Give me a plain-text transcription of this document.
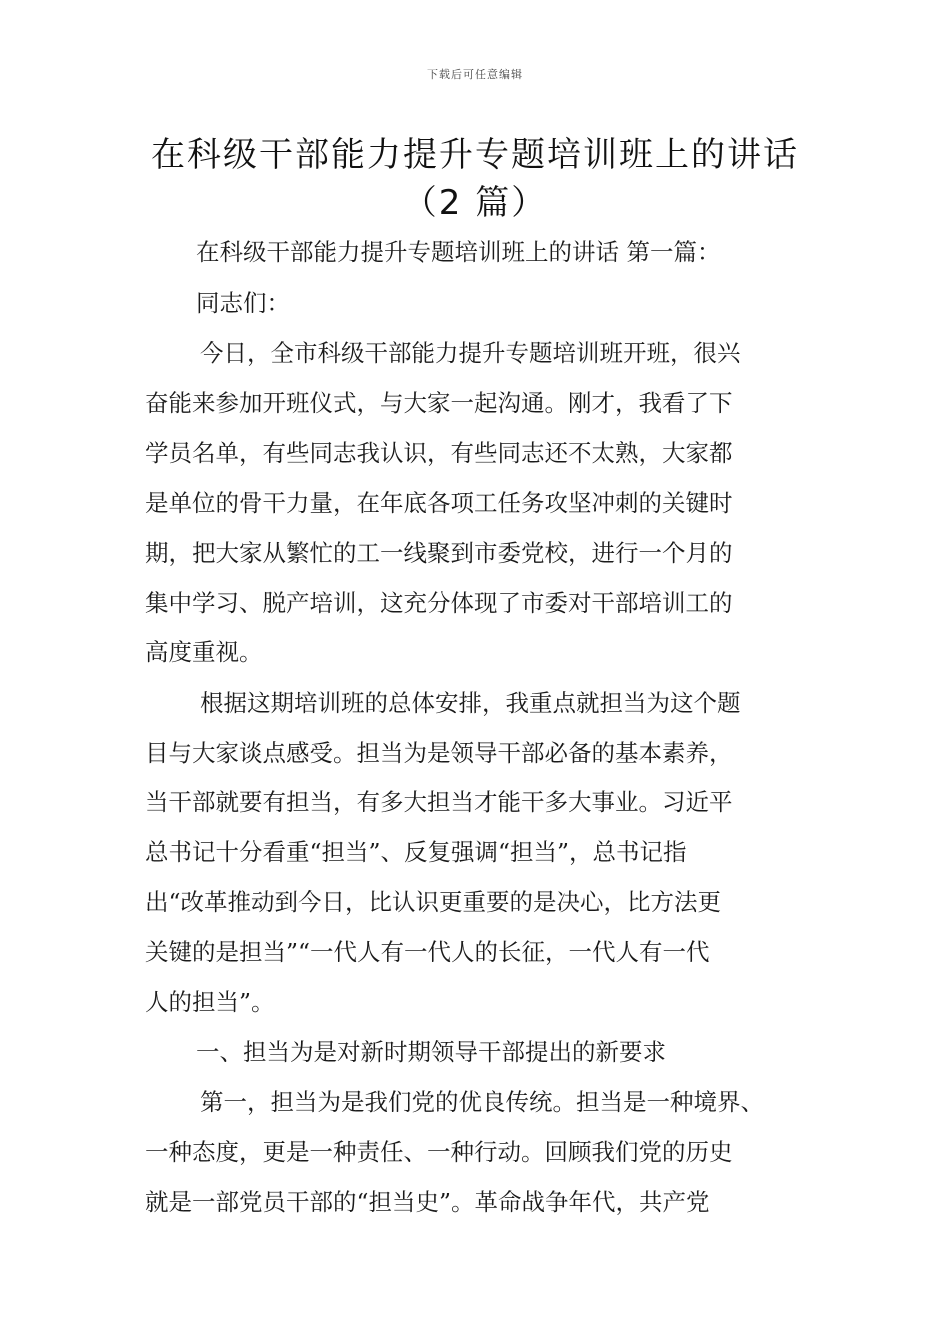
下载后可任意编辑
在科级干部能力提升专题培训班上的讲话
（2 篇）
在科级干部能力提升专题培训班上的讲话 第一篇：
同志们：
今日，全市科级干部能力提升专题培训班开班，很兴
奋能来参加开班仪式，与大家一起沟通。刚才，我看了下
学员名单，有些同志我认识，有些同志还不太熟，大家都
是单位的骨干力量，在年底各项工任务攻坚冲刺的关键时
期，把大家从繁忙的工一线聚到市委党校，进行一个月的
集中学习、脱产培训，这充分体现了市委对干部培训工的
高度重视。
根据这期培训班的总体安排，我重点就担当为这个题
目与大家谈点感受。担当为是领导干部必备的基本素养，
当干部就要有担当，有多大担当才能干多大事业。习近平
总书记十分看重“担当”、反复强调“担当”，总书记指
出“改革推动到今日，比认识更重要的是决心，比方法更
关键的是担当”“一代人有一代人的长征，一代人有一代
人的担当”。
一、担当为是对新时期领导干部提出的新要求
第一，担当为是我们党的优良传统。担当是一种境界、
一种态度，更是一种责任、一种行动。回顾我们党的历史
就是一部党员干部的“担当史”。革命战争年代，共产党
